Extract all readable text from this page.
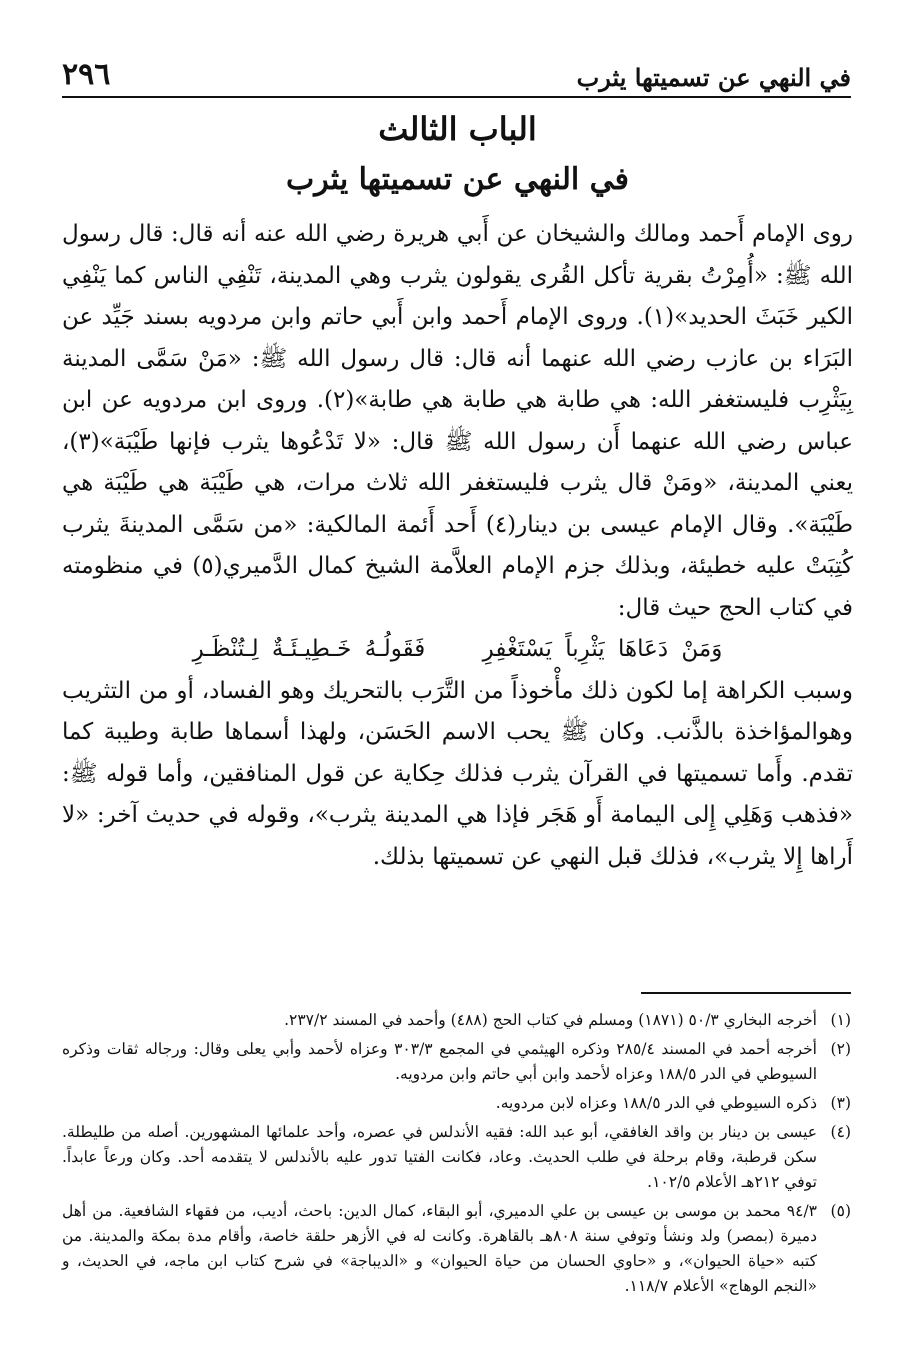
في النهي عن تسميتها يثرب
٢٩٦
الباب الثالث
في النهي عن تسميتها يثرب

روى الإمام أَحمد ومالك والشيخان عن أَبي هريرة رضي الله عنه أنه قال: قال رسول الله ﷺ: «أُمِرْتُ بقرية تأكل القُرى يقولون يثرب وهي المدينة، تَنْفِي الناس كما يَنْفِي الكير خَبَثَ الحديد»(١). وروى الإمام أَحمد وابن أَبي حاتم وابن مردويه بسند جَيِّد عن البَرَاء بن عازب رضي الله عنهما أنه قال: قال رسول الله ﷺ: «مَنْ سَمَّى المدينة بِيَثْرِب فليستغفر الله: هي طابة هي طابة هي طابة»(٢). وروى ابن مردويه عن ابن عباس رضي الله عنهما أَن رسول الله ﷺ قال: «لا تَدْعُوها يثرب فإنها طَيْبَة»(٣)، يعني المدينة، «ومَنْ قال يثرب فليستغفر الله ثلاث مرات، هي طَيْبَة هي طَيْبَة هي طَيْبَة». وقال الإمام عيسى بن دينار(٤) أَحد أَئمة المالكية: «من سَمَّى المدينةَ يثرب كُتِبَتْ عليه خطيئة، وبذلك جزم الإمام العلاَّمة الشيخ كمال الدَّميري(٥) في منظومته في كتاب الحج حيث قال:

وَمَنْ دَعَاهَا يَثْرِباً يَسْتَغْفِرِ فَقَولُـهُ خَـطِيـئَـةٌ لِـتُنْظَـرِ

وسبب الكراهة إما لكون ذلك مأْخوذاً من التَّرَب بالتحريك وهو الفساد، أو من التثريب وهوالمؤاخذة بالذَّنب. وكان ﷺ يحب الاسم الحَسَن، ولهذا أسماها طابة وطيبة كما تقدم. وأَما تسميتها في القرآن يثرب فذلك حِكاية عن قول المنافقين، وأما قوله ﷺ: «فذهب وَهَلِي إِلى اليمامة أَو هَجَر فإذا هي المدينة يثرب»، وقوله في حديث آخر: «لا أَراها إِلا يثرب»، فذلك قبل النهي عن تسميتها بذلك.

(١)
أخرجه البخاري ٥٠/٣ (١٨٧١) ومسلم في كتاب الحج (٤٨٨) وأحمد في المسند ٢٣٧/٢.
(٢)
أخرجه أحمد في المسند ٢٨٥/٤ وذكره الهيثمي في المجمع ٣٠٣/٣ وعزاه لأحمد وأبي يعلى وقال: ورجاله ثقات وذكره السيوطي في الدر ١٨٨/٥ وعزاه لأحمد وابن أبي حاتم وابن مردويه.
(٣)
ذكره السيوطي في الدر ١٨٨/٥ وعزاه لابن مردويه.
(٤)
عيسى بن دينار بن واقد الغافقي، أبو عبد الله: فقيه الأندلس في عصره، وأحد علمائها المشهورين. أصله من طليطلة. سكن قرطبة، وقام برحلة في طلب الحديث. وعاد، فكانت الفتيا تدور عليه بالأندلس لا يتقدمه أحد. وكان ورعاً عابداً. توفي ٢١٢هـ الأعلام ١٠٢/٥.
(٥)
٩٤/٣ محمد بن موسى بن عيسى بن علي الدميري، أبو البقاء، كمال الدين: باحث، أديب، من فقهاء الشافعية. من أهل دميرة (بمصر) ولد ونشأ وتوفي سنة ٨٠٨هـ بالقاهرة. وكانت له في الأزهر حلقة خاصة، وأقام مدة بمكة والمدينة. من كتبه «حياة الحيوان»، و «حاوي الحسان من حياة الحيوان» و «الديباجة» في شرح كتاب ابن ماجه، في الحديث، و «النجم الوهاج» الأعلام ١١٨/٧.
